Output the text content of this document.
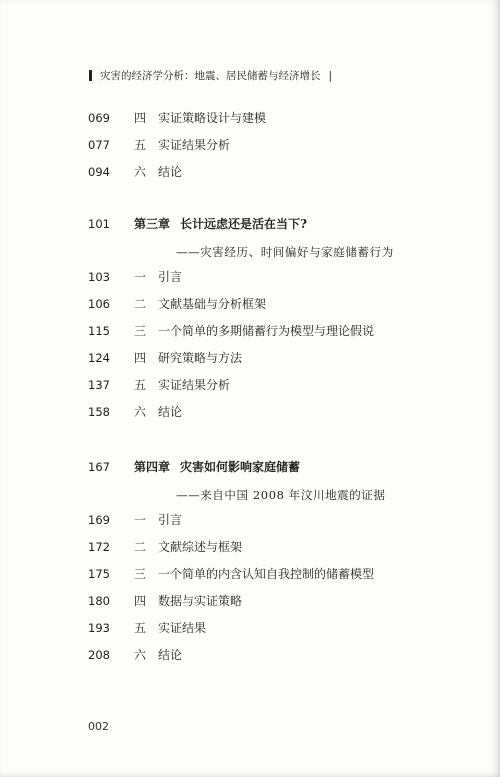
灾害的经济学分析：地震、居民储蓄与经济增长 |
069 四 实证策略设计与建模
077 五 实证结果分析
094 六 结论
101 第三章 长计远虑还是活在当下?
——灾害经历、时间偏好与家庭储蓄行为
103 一 引言
106 二 文献基础与分析框架
115 三 一个简单的多期储蓄行为模型与理论假说
124 四 研究策略与方法
137 五 实证结果分析
158 六 结论
167 第四章 灾害如何影响家庭储蓄
——来自中国 2008 年汶川地震的证据
169 一 引言
172 二 文献综述与框架
175 三 一个简单的内含认知自我控制的储蓄模型
180 四 数据与实证策略
193 五 实证结果
208 六 结论
002
